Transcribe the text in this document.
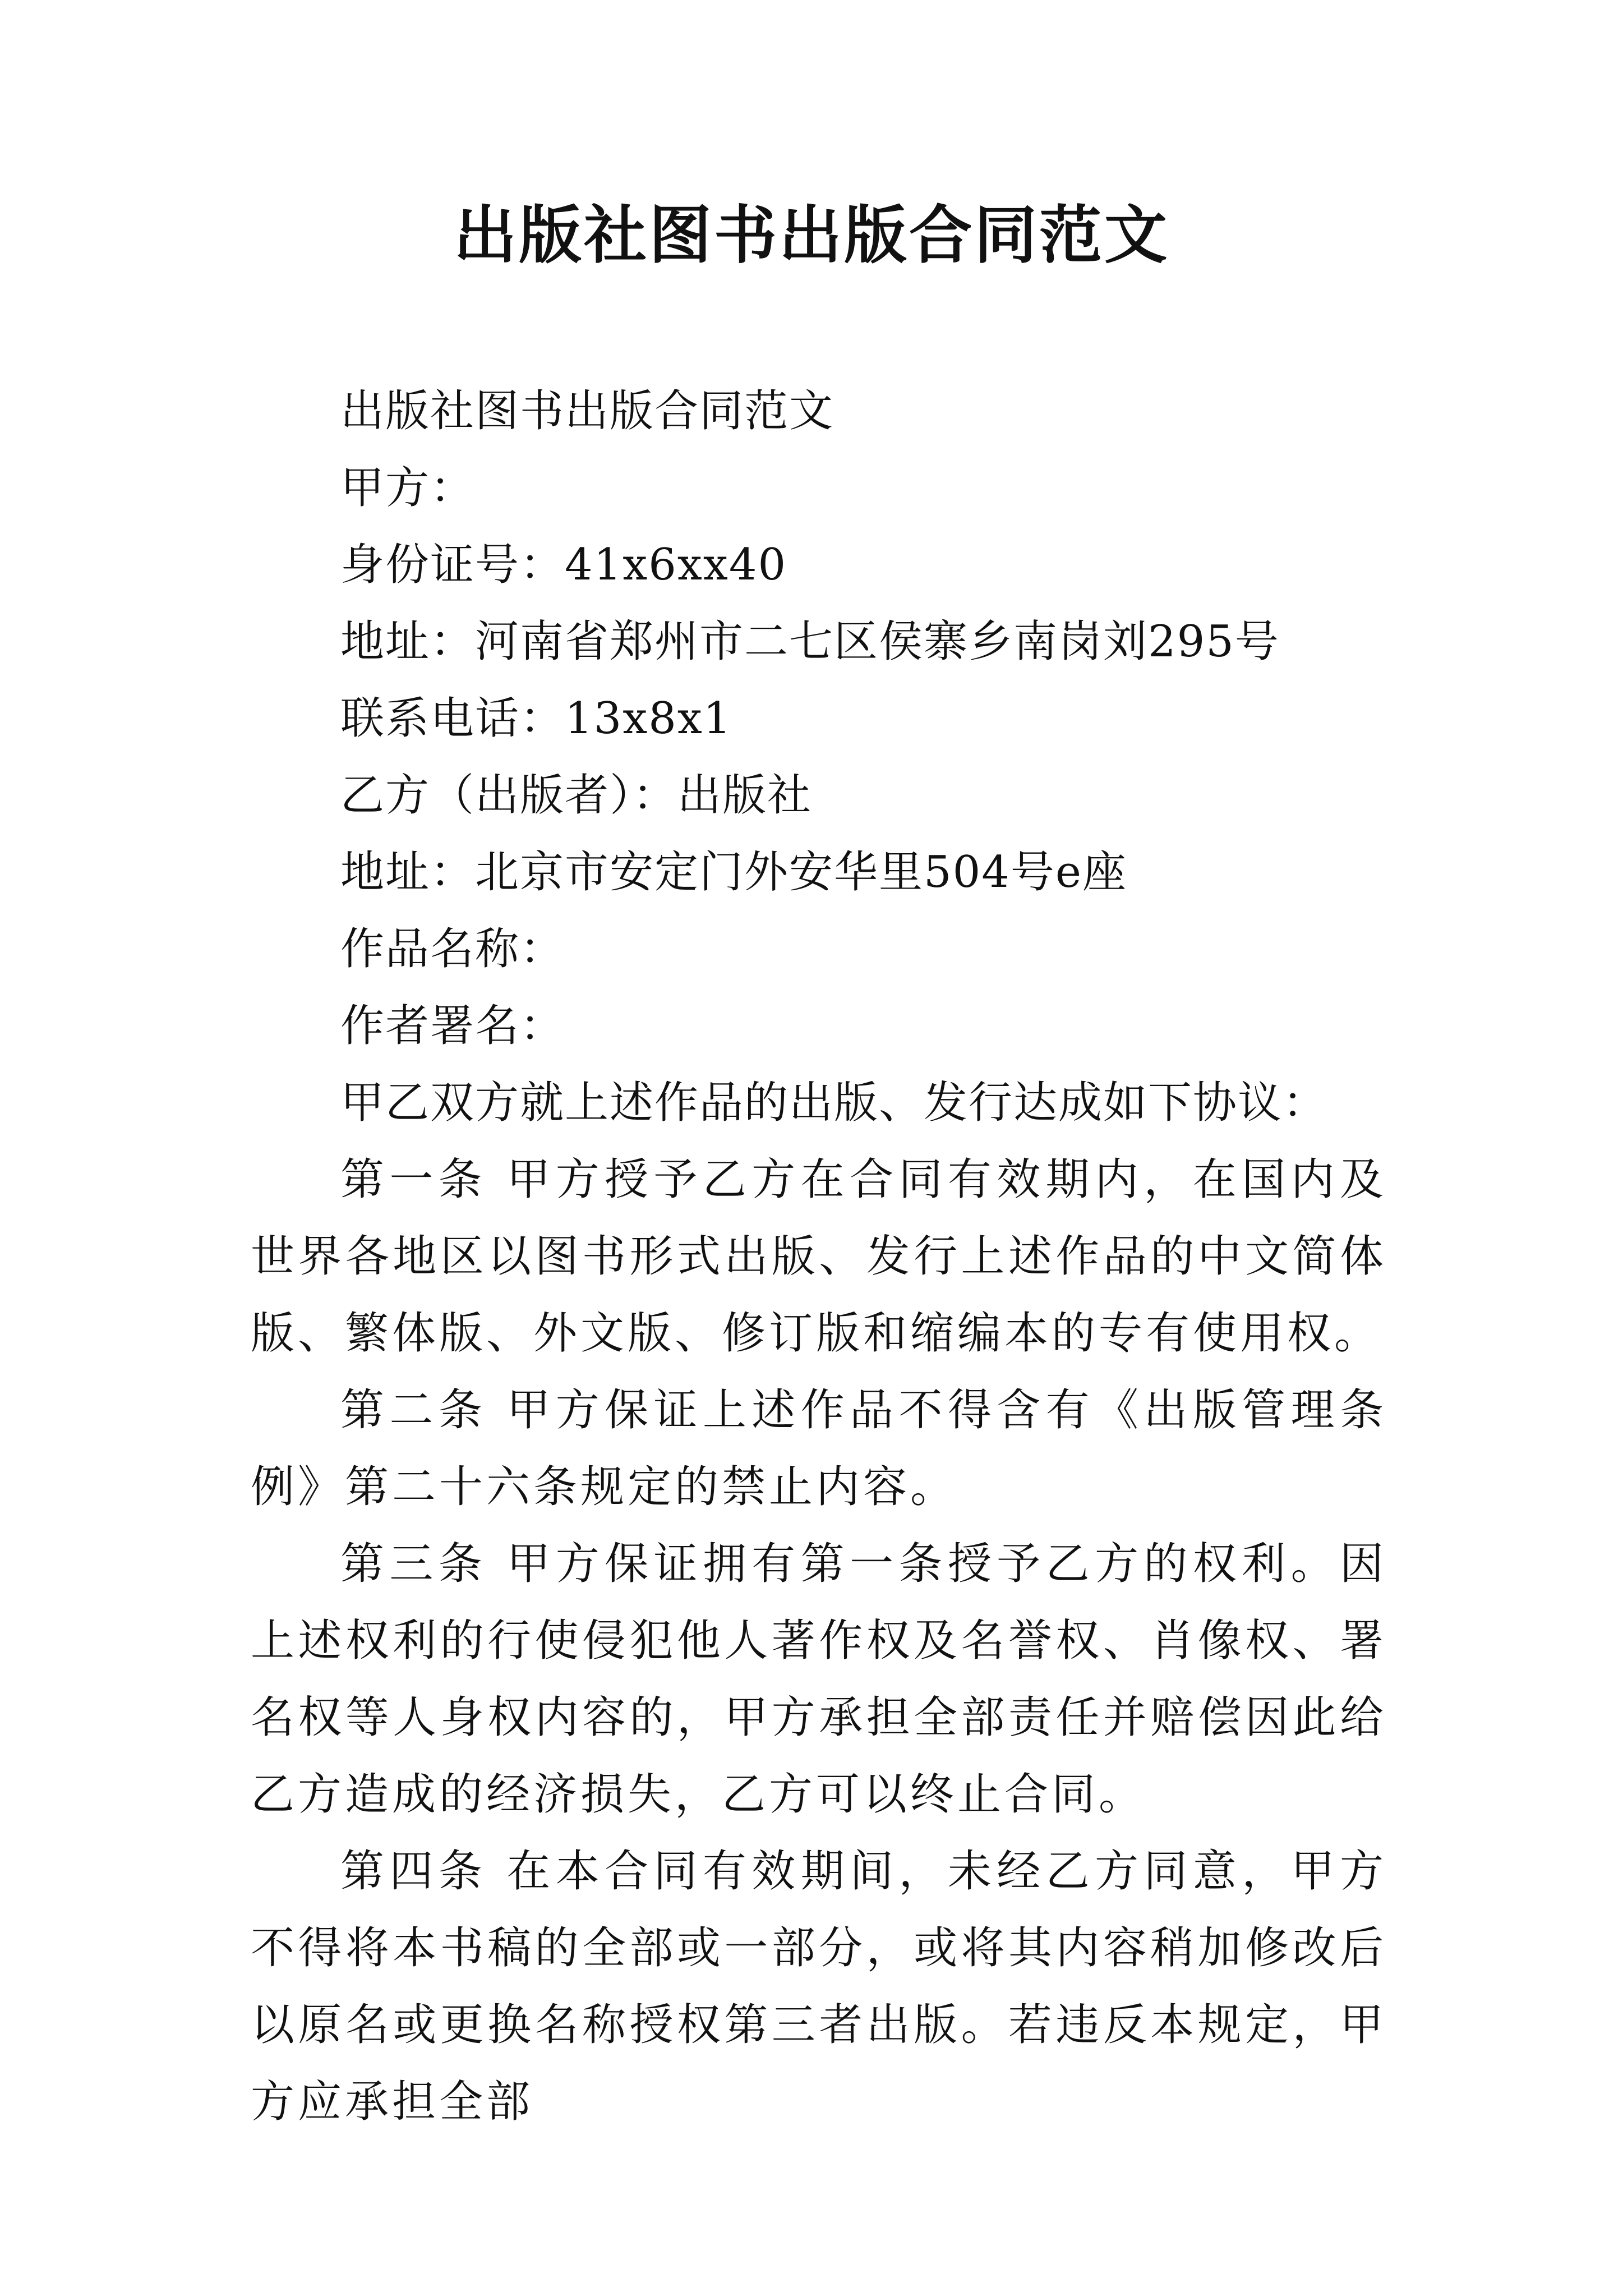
出版社图书出版合同范文

出版社图书出版合同范文

甲方：

身份证号：41x6xx40

地址：河南省郑州市二七区侯寨乡南岗刘295号

联系电话：13x8x1

乙方（出版者）：出版社

地址：北京市安定门外安华里504号e座

作品名称：

作者署名：

甲乙双方就上述作品的出版、发行达成如下协议：

第一条 甲方授予乙方在合同有效期内，在国内及世界各地区以图书形式出版、发行上述作品的中文简体版、繁体版、外文版、修订版和缩编本的专有使用权。

第二条 甲方保证上述作品不得含有《出版管理条例》第二十六条规定的禁止内容。

第三条 甲方保证拥有第一条授予乙方的权利。因上述权利的行使侵犯他人著作权及名誉权、肖像权、署名权等人身权内容的，甲方承担全部责任并赔偿因此给乙方造成的经济损失，乙方可以终止合同。

第四条 在本合同有效期间，未经乙方同意，甲方不得将本书稿的全部或一部分，或将其内容稍加修改后以原名或更换名称授权第三者出版。若违反本规定，甲方应承担全部
